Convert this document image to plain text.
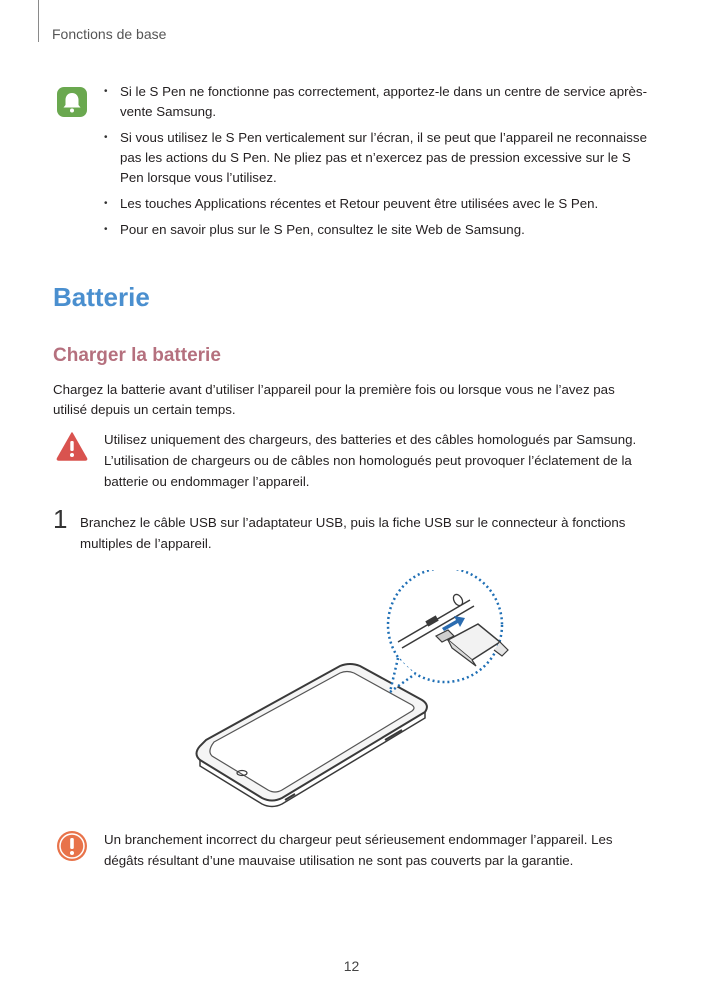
Fonctions de base
• Si le S Pen ne fonctionne pas correctement, apportez-le dans un centre de service après-vente Samsung.
• Si vous utilisez le S Pen verticalement sur l’écran, il se peut que l’appareil ne reconnaisse pas les actions du S Pen. Ne pliez pas et n’exercez pas de pression excessive sur le S Pen lorsque vous l’utilisez.
• Les touches Applications récentes et Retour peuvent être utilisées avec le S Pen.
• Pour en savoir plus sur le S Pen, consultez le site Web de Samsung.
Batterie
Charger la batterie

Chargez la batterie avant d’utiliser l’appareil pour la première fois ou lorsque vous ne l’avez pas utilisé depuis un certain temps.

Utilisez uniquement des chargeurs, des batteries et des câbles homologués par Samsung. L’utilisation de chargeurs ou de câbles non homologués peut provoquer l’éclatement de la batterie ou endommager l’appareil.

1 Branchez le câble USB sur l’adaptateur USB, puis la fiche USB sur le connecteur à fonctions multiples de l’appareil.

Un branchement incorrect du chargeur peut sérieusement endommager l’appareil. Les dégâts résultant d’une mauvaise utilisation ne sont pas couverts par la garantie.

12
